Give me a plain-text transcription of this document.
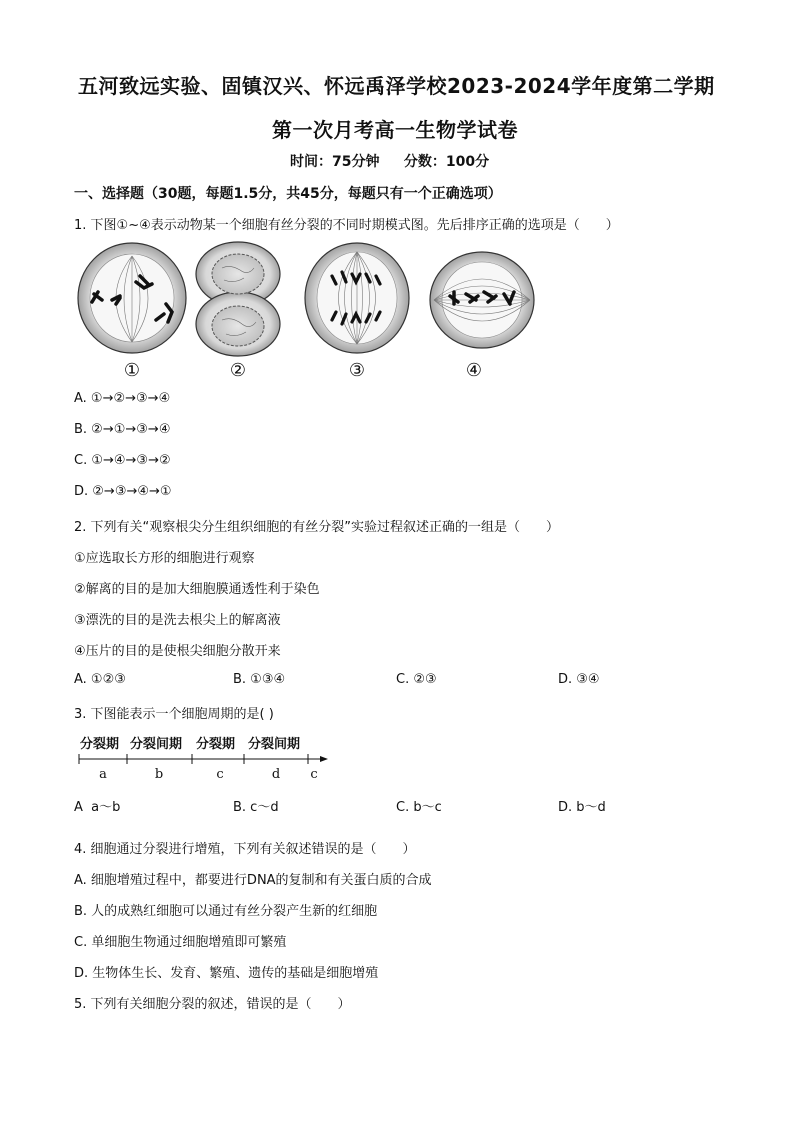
五河致远实验、固镇汉兴、怀远禹泽学校2023-2024学年度第二学期
第一次月考高一生物学试卷
时间：75分钟     分数：100分
一、选择题（30题，每题1.5分，共45分，每题只有一个正确选项）
1. 下图①~④表示动物某一个细胞有丝分裂的不同时期模式图。先后排序正确的选项是（　　）
①	②	③	④
A. ①→②→③→④
B. ②→①→③→④
C. ①→④→③→②
D. ②→③→④→①
2. 下列有关“观察根尖分生组织细胞的有丝分裂”实验过程叙述正确的一组是（　　）
①应选取长方形的细胞进行观察
②解离的目的是加大细胞膜通透性利于染色
③漂洗的目的是洗去根尖上的解离液
④压片的目的是使根尖细胞分散开来
A. ①②③	B. ①③④	C. ②③	D. ③④
3. 下图能表示一个细胞周期的是( )
分裂期 分裂间期 分裂期 分裂间期
a	b	c	d c
A  a～b	B. c～d	C. b～c	D. b～d
4. 细胞通过分裂进行增殖，下列有关叙述错误的是（　　）
A. 细胞增殖过程中，都要进行DNA的复制和有关蛋白质的合成
B. 人的成熟红细胞可以通过有丝分裂产生新的红细胞
C. 单细胞生物通过细胞增殖即可繁殖
D. 生物体生长、发育、繁殖、遗传的基础是细胞增殖
5. 下列有关细胞分裂的叙述，错误的是（　　）
